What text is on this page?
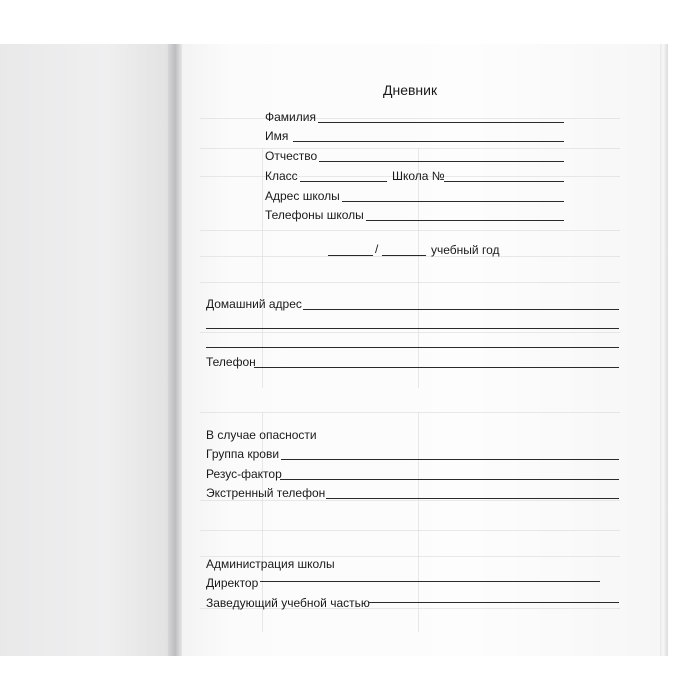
Дневник
Фамилия
Имя
Отчество
Класс	Школа №
Адрес школы
Телефоны школы
/	учебный год
Домашний адрес
Телефон
В случае опасности
Группа крови
Резус-фактор
Экстренный телефон
Администрация школы
Директор
Заведующий учебной частью
